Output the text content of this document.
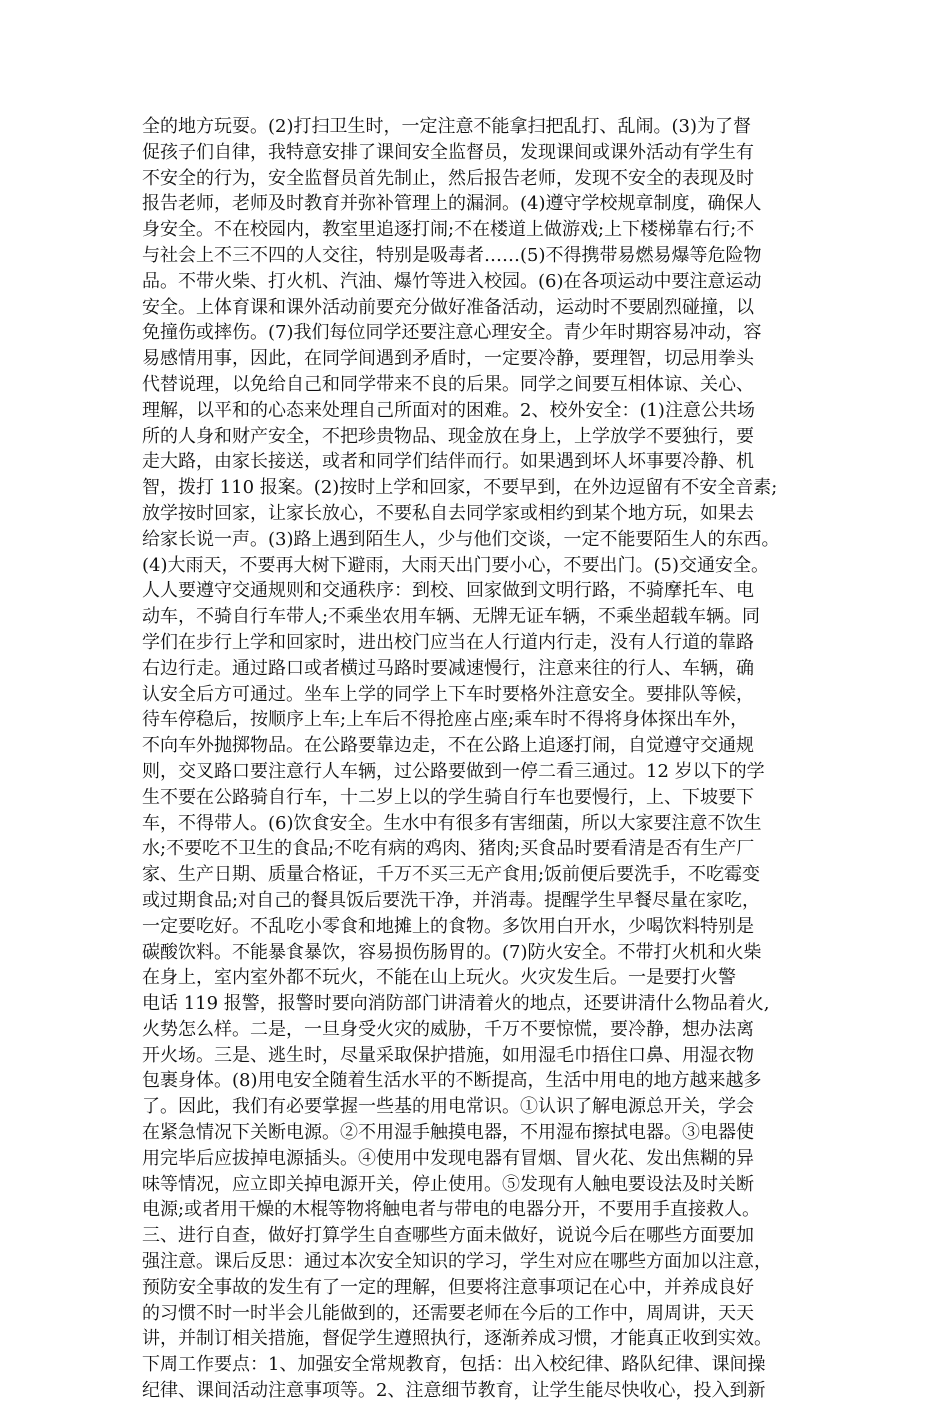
全的地方玩耍。(2)打扫卫生时，一定注意不能拿扫把乱打、乱闹。(3)为了督
促孩子们自律，我特意安排了课间安全监督员，发现课间或课外活动有学生有
不安全的行为，安全监督员首先制止，然后报告老师，发现不安全的表现及时
报告老师，老师及时教育并弥补管理上的漏洞。(4)遵守学校规章制度，确保人
身安全。不在校园内，教室里追逐打闹;不在楼道上做游戏;上下楼梯靠右行;不
与社会上不三不四的人交往，特别是吸毒者……(5)不得携带易燃易爆等危险物
品。不带火柴、打火机、汽油、爆竹等进入校园。(6)在各项运动中要注意运动
安全。上体育课和课外活动前要充分做好准备活动，运动时不要剧烈碰撞，以
免撞伤或摔伤。(7)我们每位同学还要注意心理安全。青少年时期容易冲动，容
易感情用事，因此，在同学间遇到矛盾时，一定要冷静，要理智，切忌用拳头
代替说理，以免给自己和同学带来不良的后果。同学之间要互相体谅、关心、
理解，以平和的心态来处理自己所面对的困难。2、校外安全：(1)注意公共场
所的人身和财产安全，不把珍贵物品、现金放在身上，上学放学不要独行，要
走大路，由家长接送，或者和同学们结伴而行。如果遇到坏人坏事要冷静、机
智，拨打 110 报案。(2)按时上学和回家，不要早到，在外边逗留有不安全音素;
放学按时回家，让家长放心，不要私自去同学家或相约到某个地方玩，如果去
给家长说一声。(3)路上遇到陌生人，少与他们交谈，一定不能要陌生人的东西。
(4)大雨天，不要再大树下避雨，大雨天出门要小心，不要出门。(5)交通安全。
人人要遵守交通规则和交通秩序：到校、回家做到文明行路，不骑摩托车、电
动车，不骑自行车带人;不乘坐农用车辆、无牌无证车辆，不乘坐超载车辆。同
学们在步行上学和回家时，进出校门应当在人行道内行走，没有人行道的靠路
右边行走。通过路口或者横过马路时要减速慢行，注意来往的行人、车辆，确
认安全后方可通过。坐车上学的同学上下车时要格外注意安全。要排队等候，
待车停稳后，按顺序上车;上车后不得抢座占座;乘车时不得将身体探出车外，
不向车外抛掷物品。在公路要靠边走，不在公路上追逐打闹，自觉遵守交通规
则，交叉路口要注意行人车辆，过公路要做到一停二看三通过。12 岁以下的学
生不要在公路骑自行车，十二岁上以的学生骑自行车也要慢行，上、下坡要下
车，不得带人。(6)饮食安全。生水中有很多有害细菌，所以大家要注意不饮生
水;不要吃不卫生的食品;不吃有病的鸡肉、猪肉;买食品时要看清是否有生产厂
家、生产日期、质量合格证，千万不买三无产食用;饭前便后要洗手，不吃霉变
或过期食品;对自己的餐具饭后要洗干净，并消毒。提醒学生早餐尽量在家吃，
一定要吃好。不乱吃小零食和地摊上的食物。多饮用白开水，少喝饮料特别是
碳酸饮料。不能暴食暴饮，容易损伤肠胃的。(7)防火安全。不带打火机和火柴
在身上，室内室外都不玩火，不能在山上玩火。火灾发生后。一是要打火警
电话 119 报警，报警时要向消防部门讲清着火的地点，还要讲清什么物品着火,
火势怎么样。二是，一旦身受火灾的威胁，千万不要惊慌，要冷静，想办法离
开火场。三是、逃生时，尽量采取保护措施，如用湿毛巾捂住口鼻、用湿衣物
包裹身体。(8)用电安全随着生活水平的不断提高，生活中用电的地方越来越多
了。因此，我们有必要掌握一些基的用电常识。①认识了解电源总开关，学会
在紧急情况下关断电源。②不用湿手触摸电器，不用湿布擦拭电器。③电器使
用完毕后应拔掉电源插头。④使用中发现电器有冒烟、冒火花、发出焦糊的异
味等情况，应立即关掉电源开关，停止使用。⑤发现有人触电要设法及时关断
电源;或者用干燥的木棍等物将触电者与带电的电器分开，不要用手直接救人。
三、进行自查，做好打算学生自查哪些方面未做好，说说今后在哪些方面要加
强注意。课后反思：通过本次安全知识的学习，学生对应在哪些方面加以注意，
预防安全事故的发生有了一定的理解，但要将注意事项记在心中，并养成良好
的习惯不时一时半会儿能做到的，还需要老师在今后的工作中，周周讲，天天
讲，并制订相关措施，督促学生遵照执行，逐渐养成习惯，才能真正收到实效。
下周工作要点：1、加强安全常规教育，包括：出入校纪律、路队纪律、课间操
纪律、课间活动注意事项等。2、注意细节教育，让学生能尽快收心，投入到新
